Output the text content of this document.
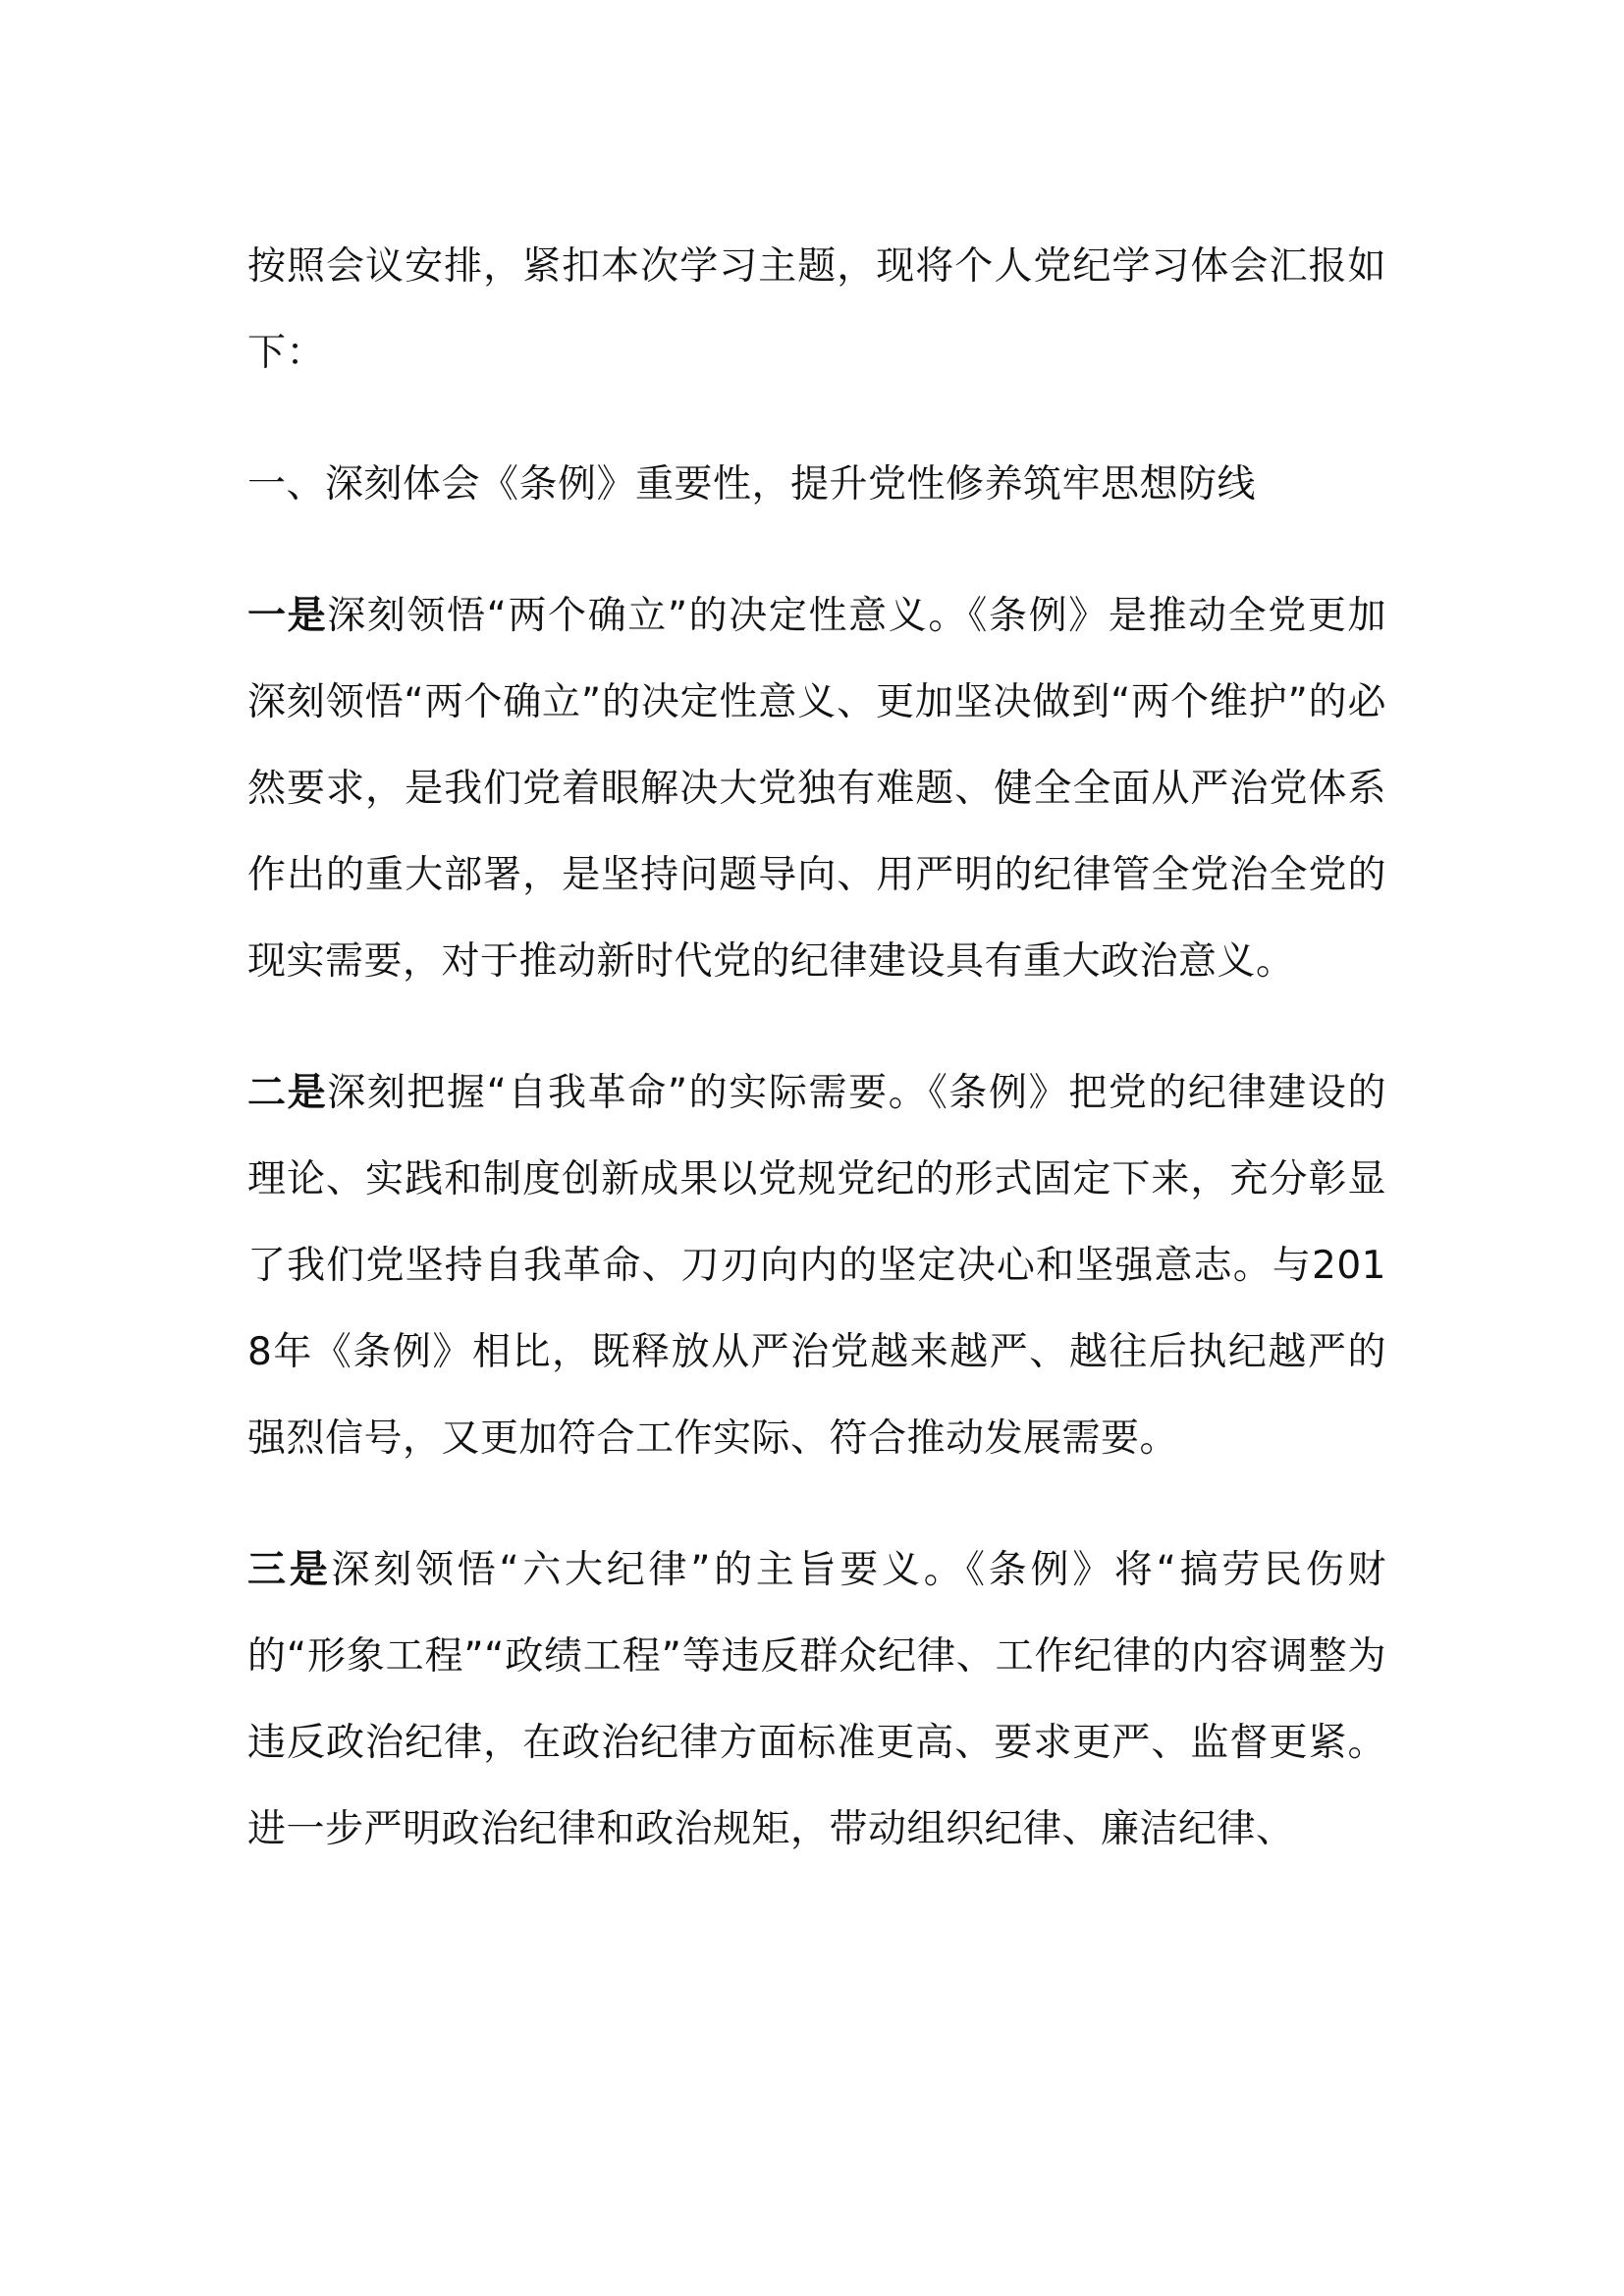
按照会议安排，紧扣本次学习主题，现将个人党纪学习体会汇报如下：

一、深刻体会《条例》重要性，提升党性修养筑牢思想防线

一是深刻领悟“两个确立”的决定性意义。《条例》是推动全党更加深刻领悟“两个确立”的决定性意义、更加坚决做到“两个维护”的必然要求，是我们党着眼解决大党独有难题、健全全面从严治党体系作出的重大部署，是坚持问题导向、用严明的纪律管全党治全党的现实需要，对于推动新时代党的纪律建设具有重大政治意义。

二是深刻把握“自我革命”的实际需要。《条例》把党的纪律建设的理论、实践和制度创新成果以党规党纪的形式固定下来，充分彰显了我们党坚持自我革命、刀刃向内的坚定决心和坚强意志。与2018年《条例》相比，既释放从严治党越来越严、越往后执纪越严的强烈信号，又更加符合工作实际、符合推动发展需要。

三是深刻领悟“六大纪律”的主旨要义。《条例》将“搞劳民伤财的“形象工程”“政绩工程”等违反群众纪律、工作纪律的内容调整为违反政治纪律，在政治纪律方面标准更高、要求更严、监督更紧。进一步严明政治纪律和政治规矩，带动组织纪律、廉洁纪律、
